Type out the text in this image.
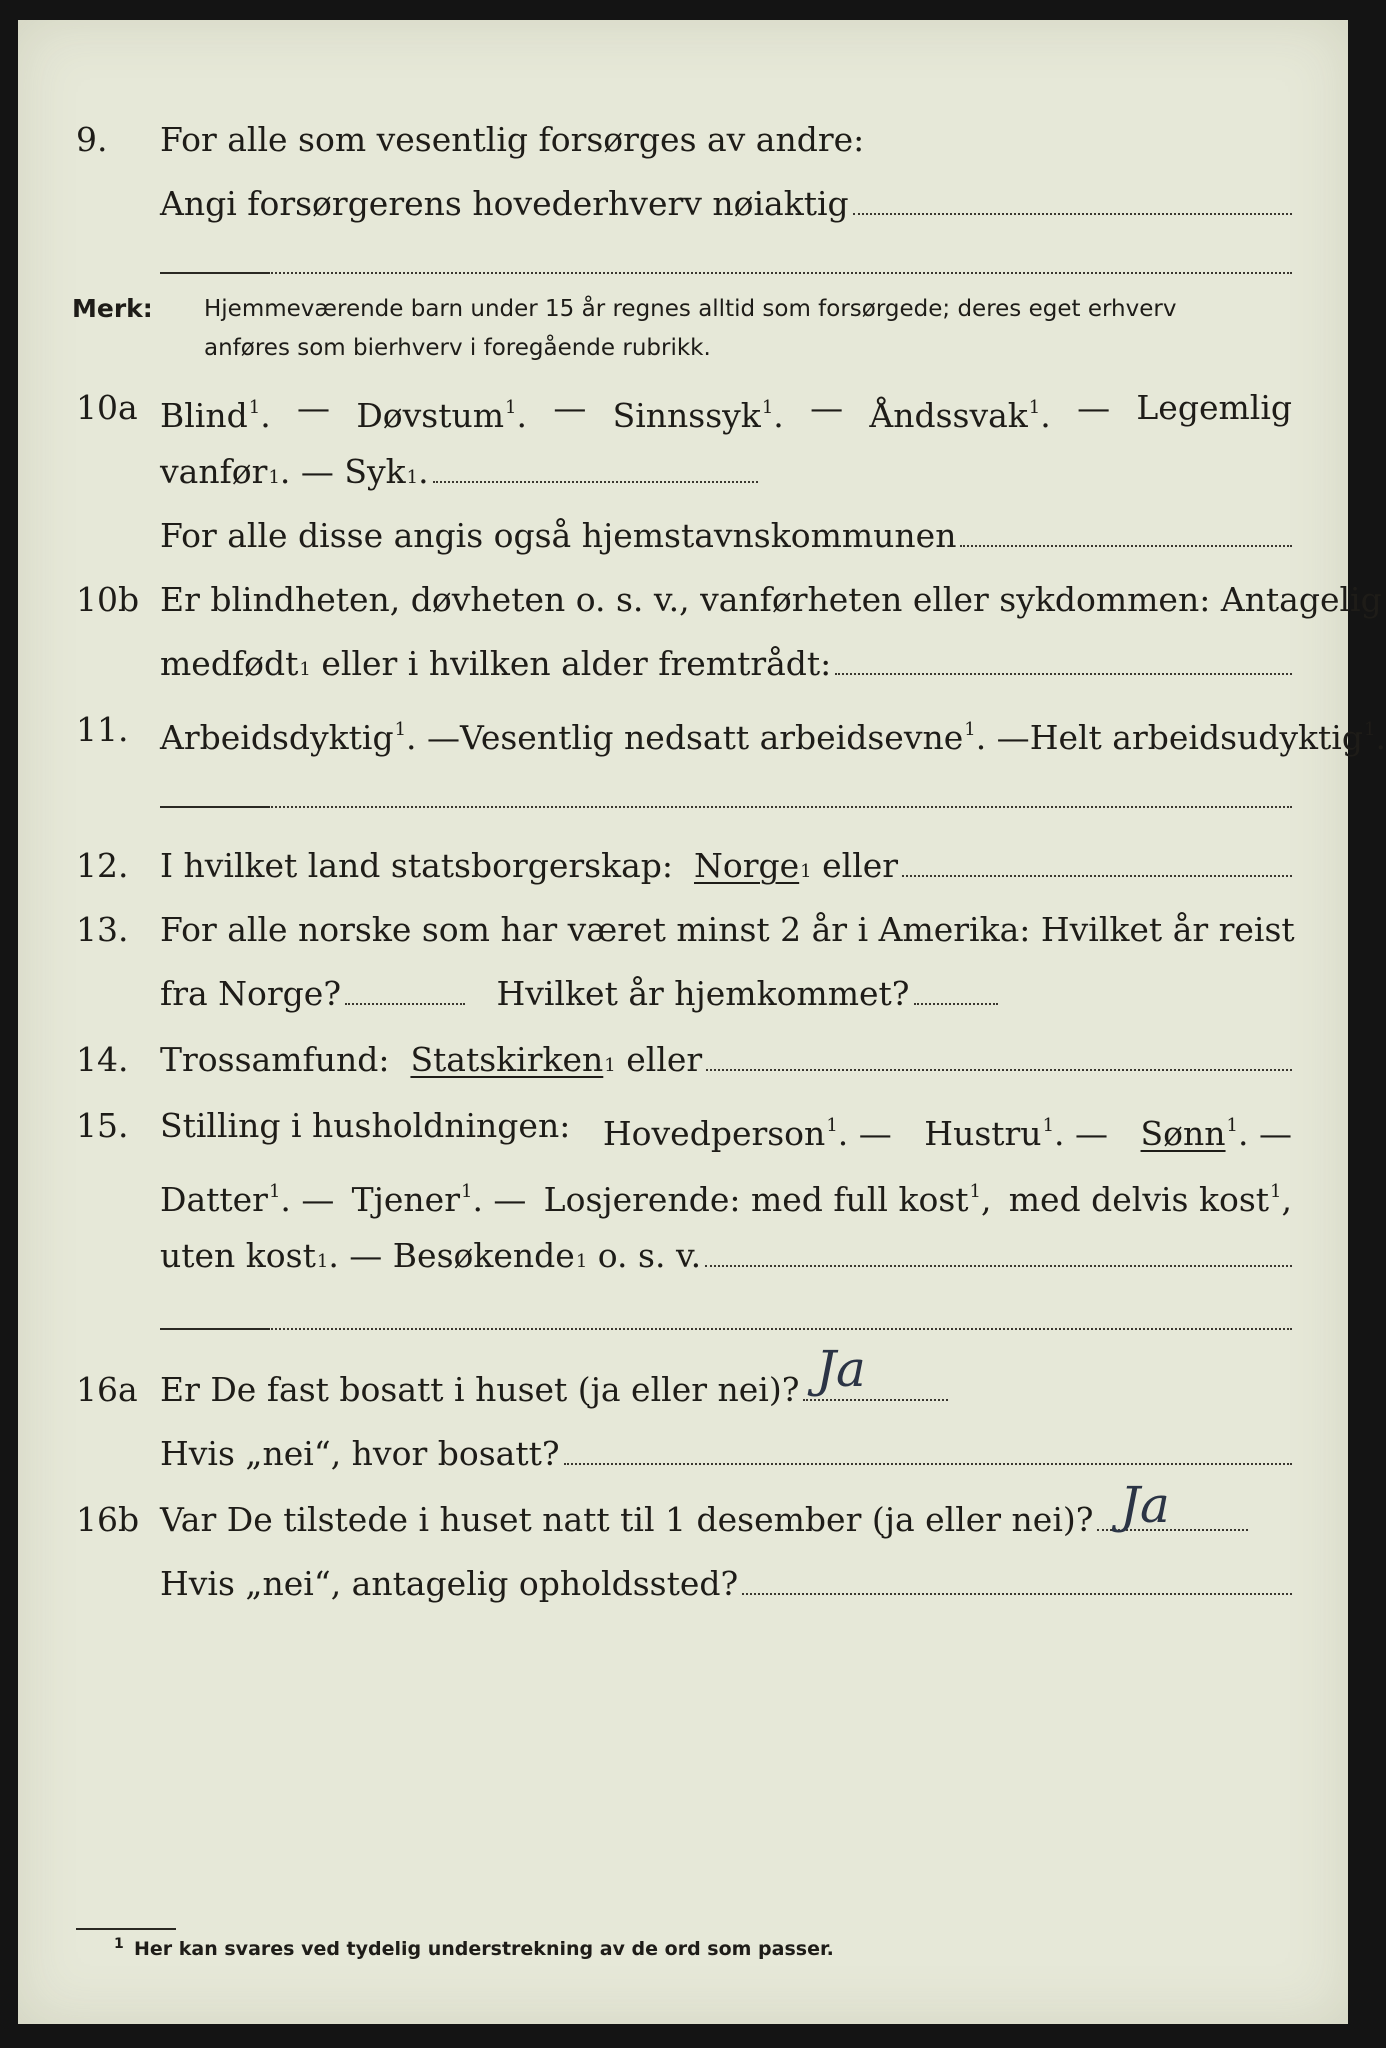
9. For alle som vesentlig forsørges av andre:
Angi forsørgerens hovederhverv nøiaktig
Merk: Hjemmeværende barn under 15 år regnes alltid som forsørgede; deres eget erhverv
anføres som bierhverv i foregående rubrikk.
10a Blind$^1$. — Døvstum$^1$. — Sinnssyk$^1$. — Åndssvak$^1$. — Legemlig
vanfør 1 . —
Syk 1 .
For alle disse angis også hjemstavnskommunen
10b Er blindheten, døvheten o. s. v., vanførheten eller sykdommen: Antagelig
medfødt 1
eller i hvilken alder fremtrådt:
11. Arbeidsdyktig$^1$. — Vesentlig nedsatt arbeidsevne$^1$. — Helt arbeidsudyktig$^1$.
12. I hvilket land statsborgerskap:
Norge 1
eller
13. For alle norske som har været minst 2 år i Amerika: Hvilket år reist
fra Norge?
	Hvilket år hjemkommet?
14. Trossamfund:
Statskirken 1
eller
15. Stilling i husholdningen: Hovedperson$^1$. — Hustru$^1$. — Sønn$^1$. —
Datter$^1$. — Tjener$^1$. — Losjerende: med full kost$^1$, med delvis kost$^1$,
uten kost 1 . — Besøkende 1
o. s. v.
16a Er De fast bosatt i huset (ja eller nei)? Ja
Hvis „nei“, hvor bosatt?
16b Var De tilstede i huset natt til 1 desember (ja eller nei)? Ja
Hvis „nei“, antagelig opholdssted?
1 Her kan svares ved tydelig understrekning av de ord som passer.
